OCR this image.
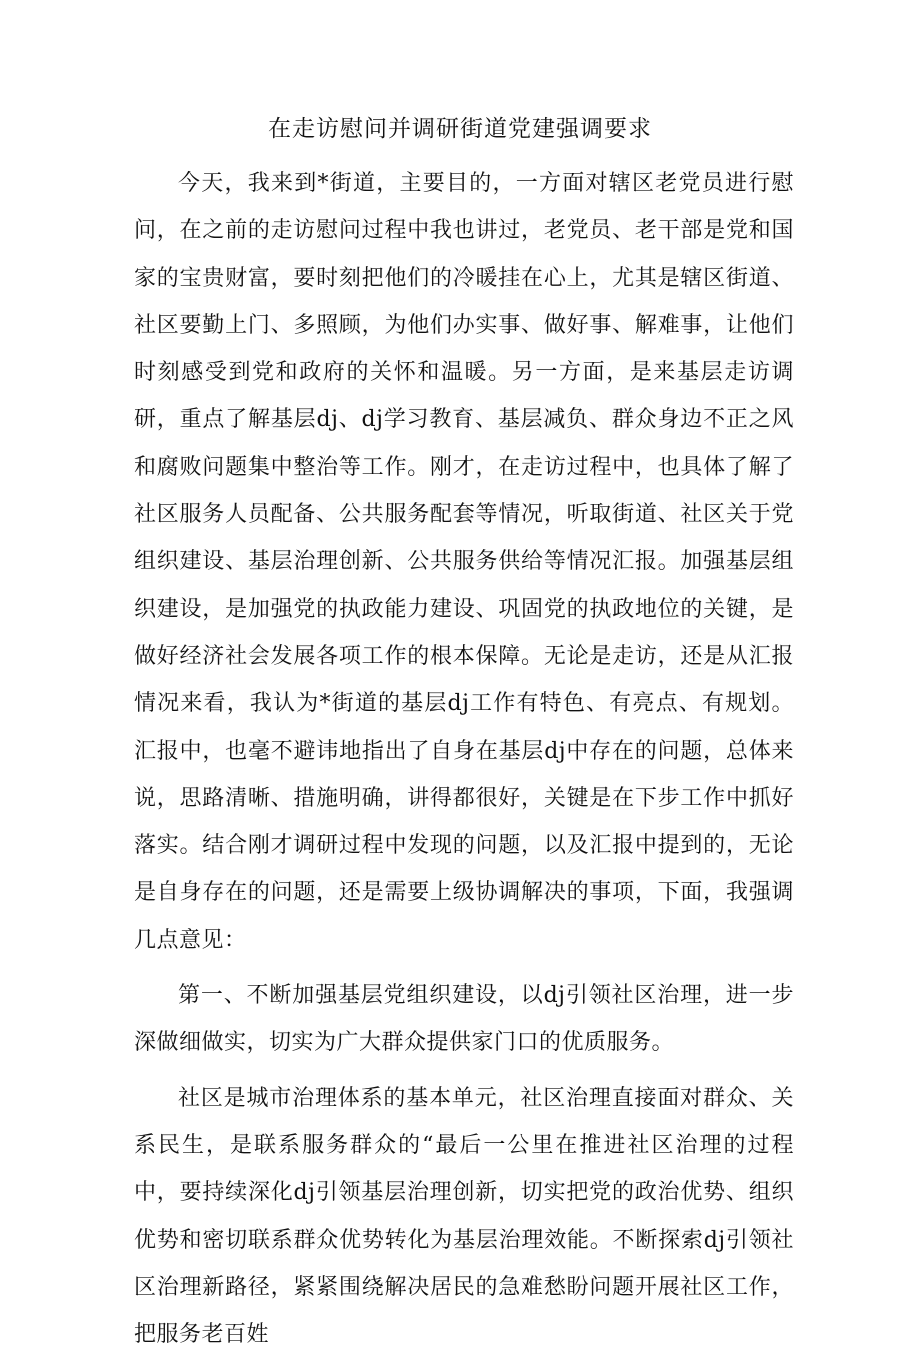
在走访慰问并调研街道党建强调要求

今天，我来到*街道，主要目的，一方面对辖区老党员进行慰问，在之前的走访慰问过程中我也讲过，老党员、老干部是党和国家的宝贵财富，要时刻把他们的冷暖挂在心上，尤其是辖区街道、社区要勤上门、多照顾，为他们办实事、做好事、解难事，让他们时刻感受到党和政府的关怀和温暖。另一方面，是来基层走访调研，重点了解基层dj、dj学习教育、基层减负、群众身边不正之风和腐败问题集中整治等工作。刚才，在走访过程中，也具体了解了社区服务人员配备、公共服务配套等情况，听取街道、社区关于党组织建设、基层治理创新、公共服务供给等情况汇报。加强基层组织建设，是加强党的执政能力建设、巩固党的执政地位的关键，是做好经济社会发展各项工作的根本保障。无论是走访，还是从汇报情况来看，我认为*街道的基层dj工作有特色、有亮点、有规划。汇报中，也毫不避讳地指出了自身在基层dj中存在的问题，总体来说，思路清晰、措施明确，讲得都很好，关键是在下步工作中抓好落实。结合刚才调研过程中发现的问题，以及汇报中提到的，无论是自身存在的问题，还是需要上级协调解决的事项，下面，我强调几点意见：

第一、不断加强基层党组织建设，以dj引领社区治理，进一步深做细做实，切实为广大群众提供家门口的优质服务。

社区是城市治理体系的基本单元，社区治理直接面对群众、关系民生，是联系服务群众的“最后一公里在推进社区治理的过程中，要持续深化dj引领基层治理创新，切实把党的政治优势、组织优势和密切联系群众优势转化为基层治理效能。不断探索dj引领社区治理新路径，紧紧围绕解决居民的急难愁盼问题开展社区工作，把服务老百姓
